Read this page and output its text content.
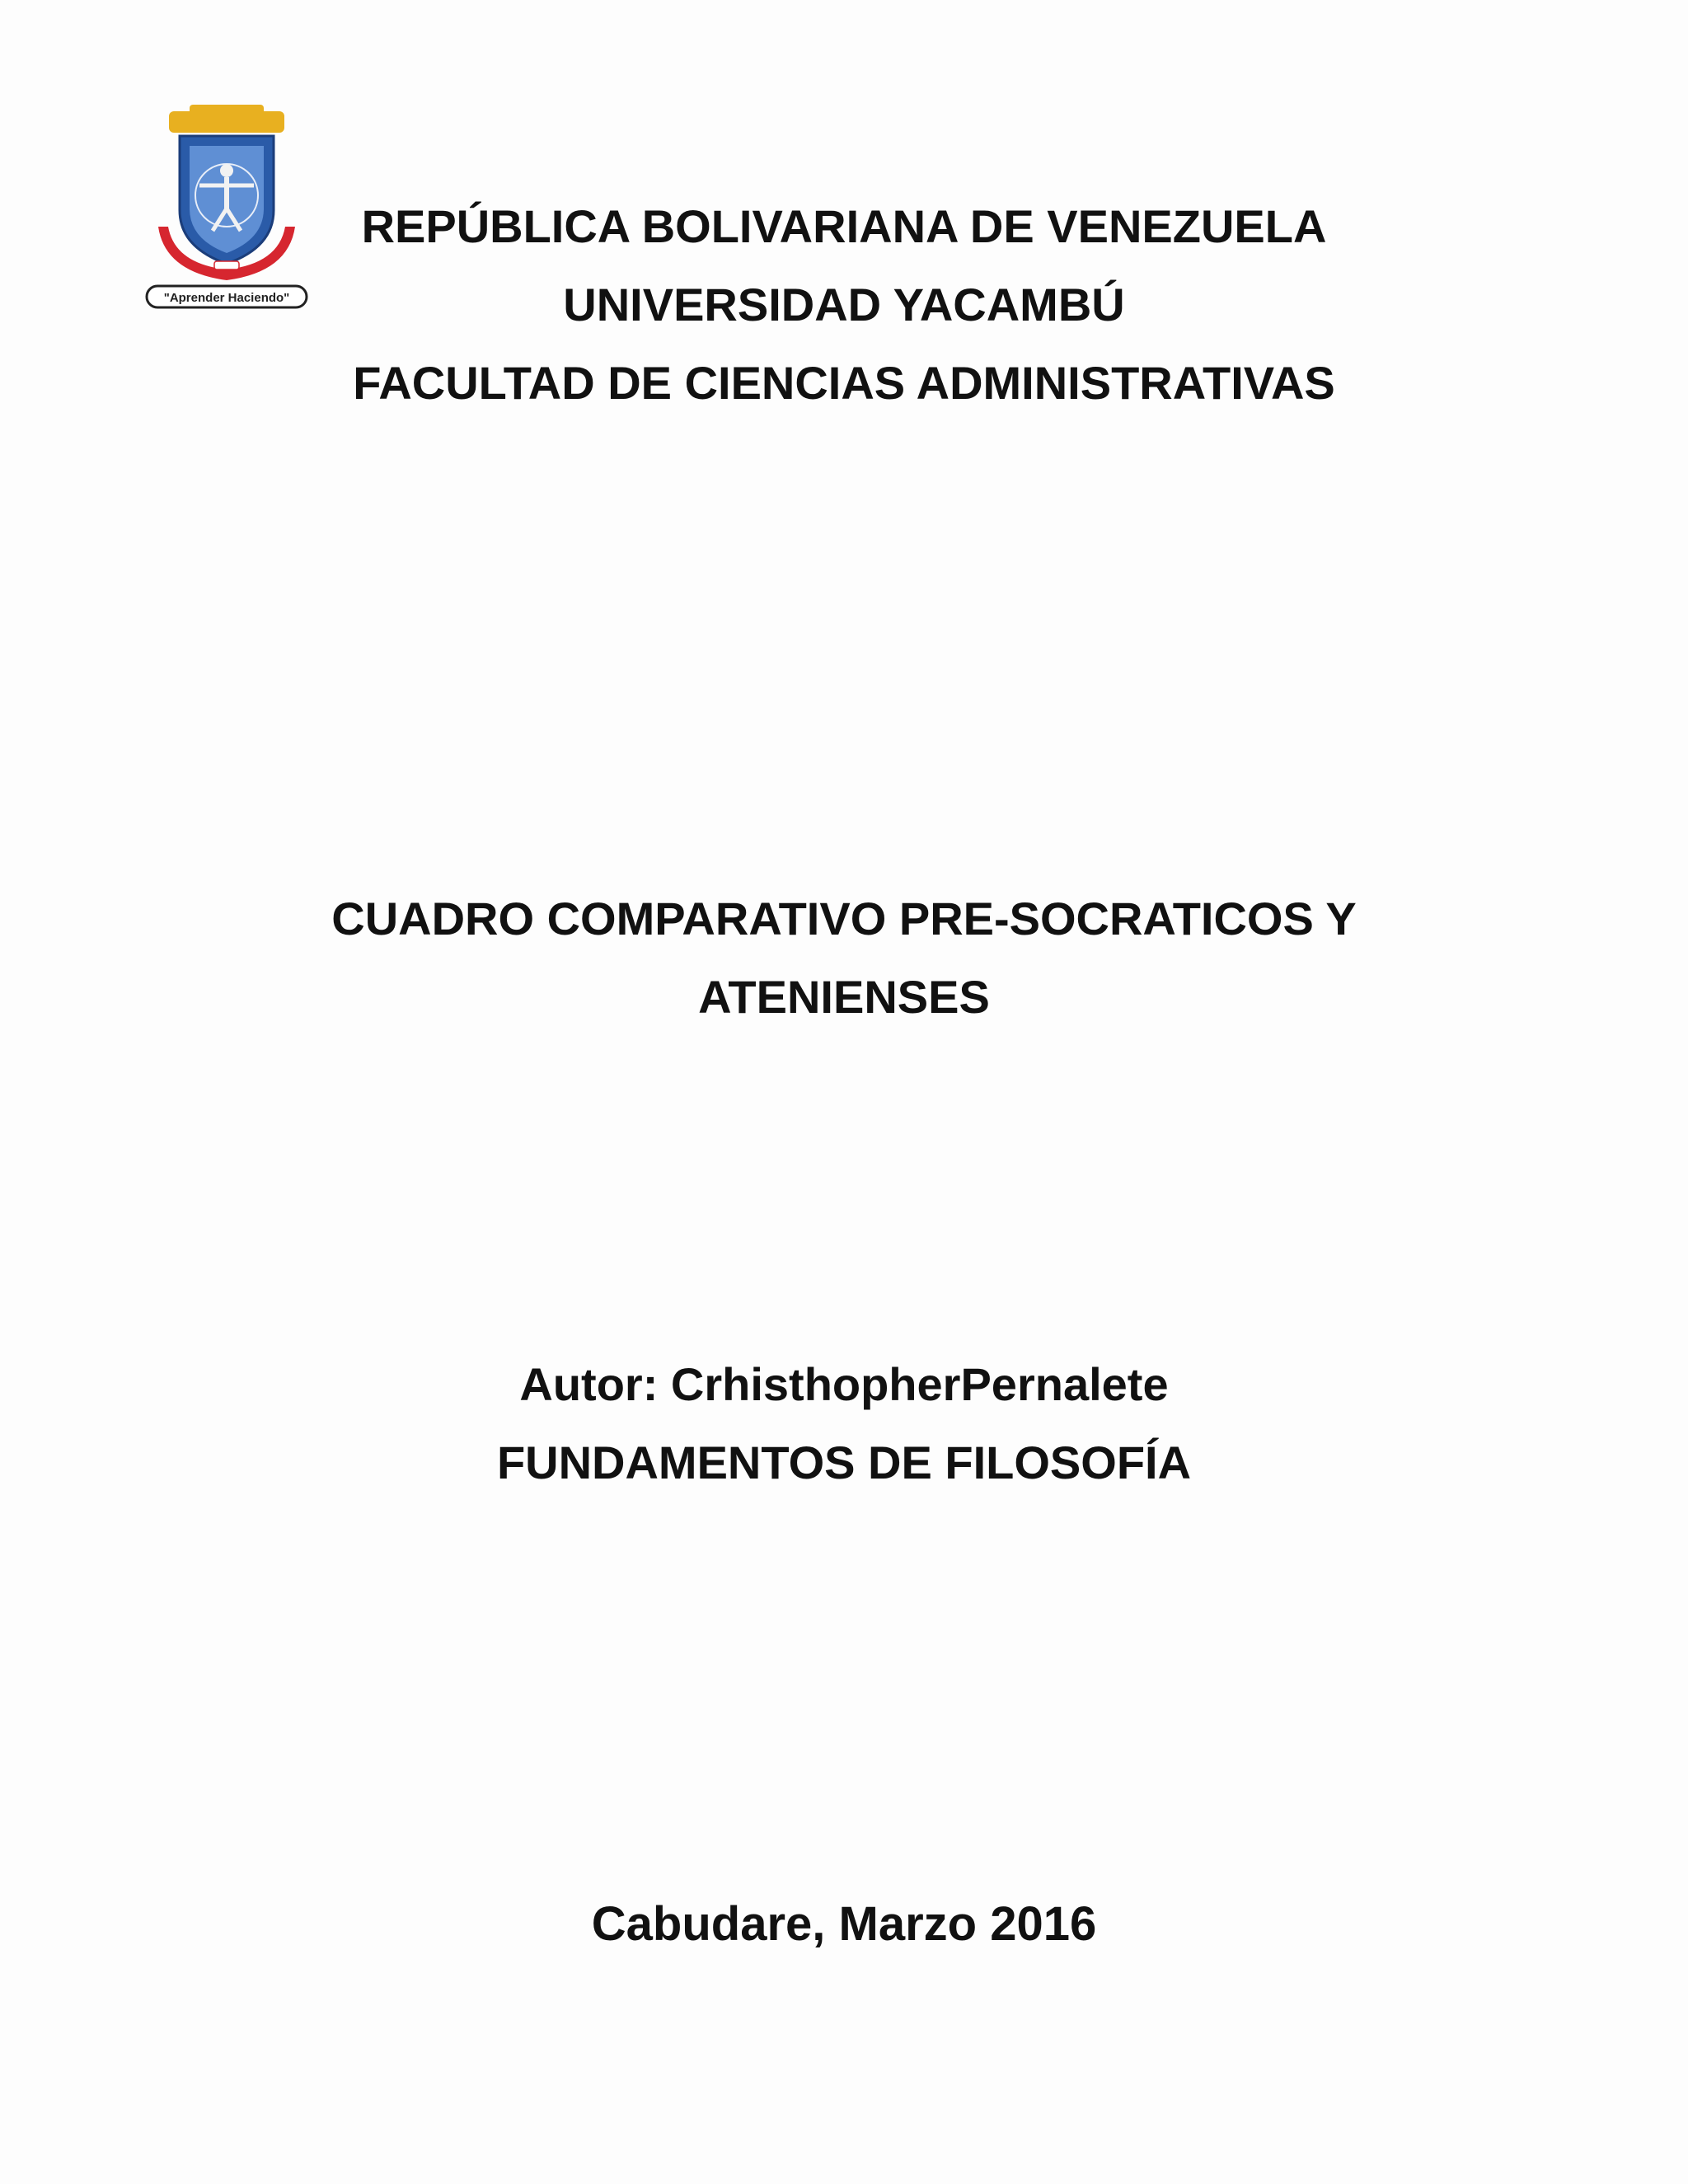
"Aprender Haciendo"
REPÚBLICA BOLIVARIANA DE VENEZUELA
UNIVERSIDAD YACAMBÚ
FACULTAD DE CIENCIAS ADMINISTRATIVAS
CUADRO COMPARATIVO PRE-SOCRATICOS Y
ATENIENSES
Autor: CrhisthopherPernalete
FUNDAMENTOS DE FILOSOFÍA
Cabudare, Marzo 2016
